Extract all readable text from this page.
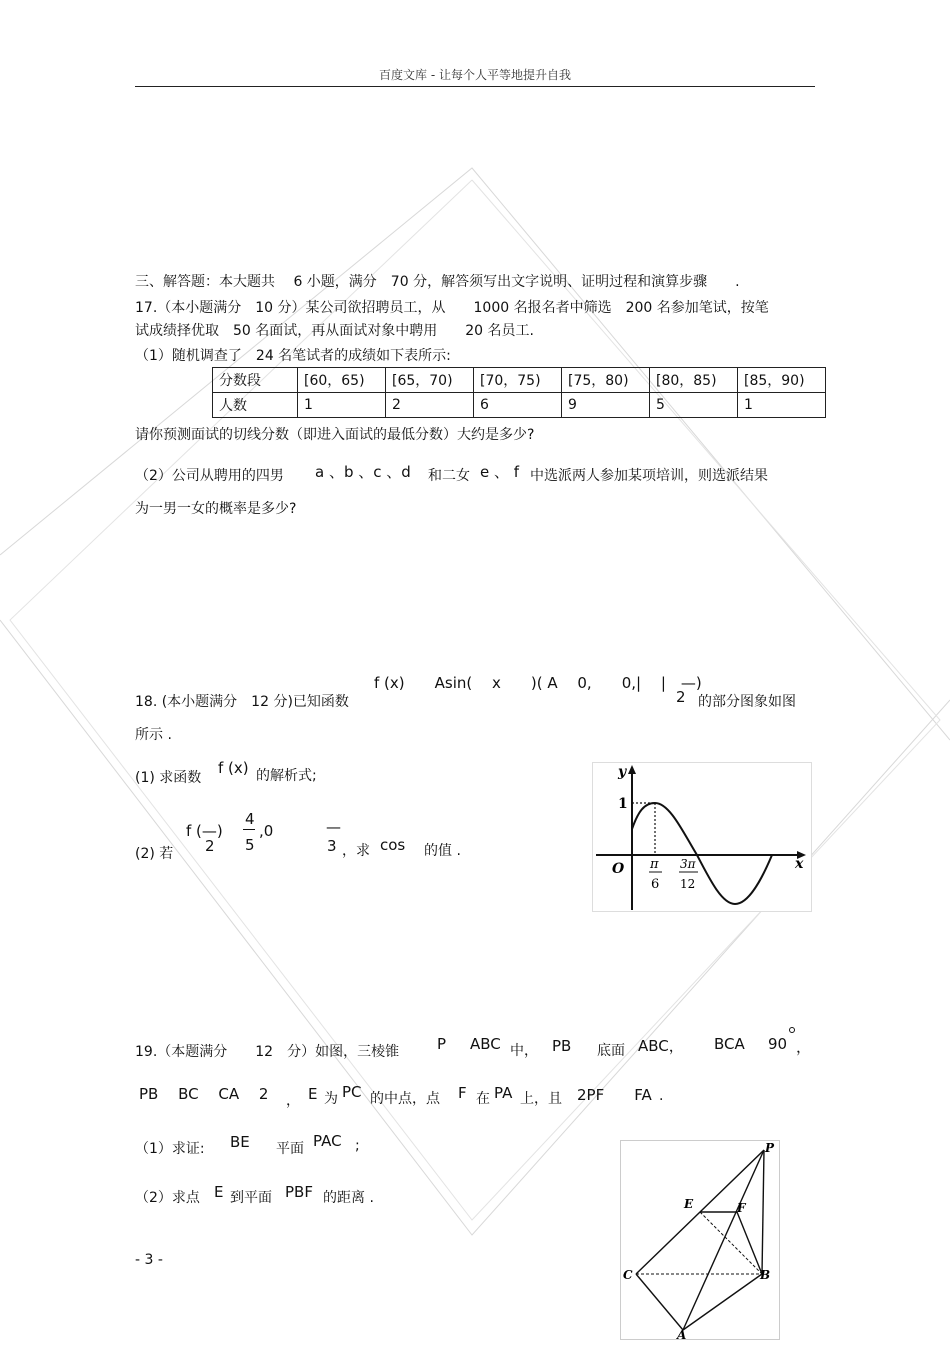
百度文库 - 让每个人平等地提升自我
三、解答题：本大题共　 6 小题，满分　70 分，解答须写出文字说明、证明过程和演算步骤　　.
17.（本小题满分　10 分）某公司欲招聘员工，从　　1000 名报名者中筛选　200 名参加笔试，按笔
试成绩择优取　50 名面试，再从面试对象中聘用　　20 名员工.
（1）随机调查了　24 名笔试者的成绩如下表所示:
分数段	[60，65)	[65，70)	[70，75)	[75，80)	[80，85)	[85，90)
人数	1	2	6	9	5	1
请你预测面试的切线分数（即进入面试的最低分数）大约是多少?
（2）公司从聘用的四男 a 、b 、c 、d 和二女 e 、 f 中选派两人参加某项培训，则选派结果
为一男一女的概率是多少?
f (x)　　Asin(　 x　　)( A　 0,　　0,|　 |　—)
2
18. (本小题满分　12 分)已知函数	的部分图象如图
所示 .
(1) 求函数
f (x) 的解析式;
(2) 若
f (—)
2
4
5
,0	—
3 ，求 cos 的值 .
y
x
O
1
π
6
3π
12
19.（本题满分　　12　分）如图，三棱锥	P ABC 中， PB 底面 ABC， BCA 90 ，
PB　 BC　 CA　 2 ， E 为 PC 的中点，点 F 在 PA 上，且 2PF　　FA .
（1）求证: BE 平面 PAC ;
（2）求点 E 到平面 PBF 的距离 .
P
E	F
C	B
A
- 3 -
